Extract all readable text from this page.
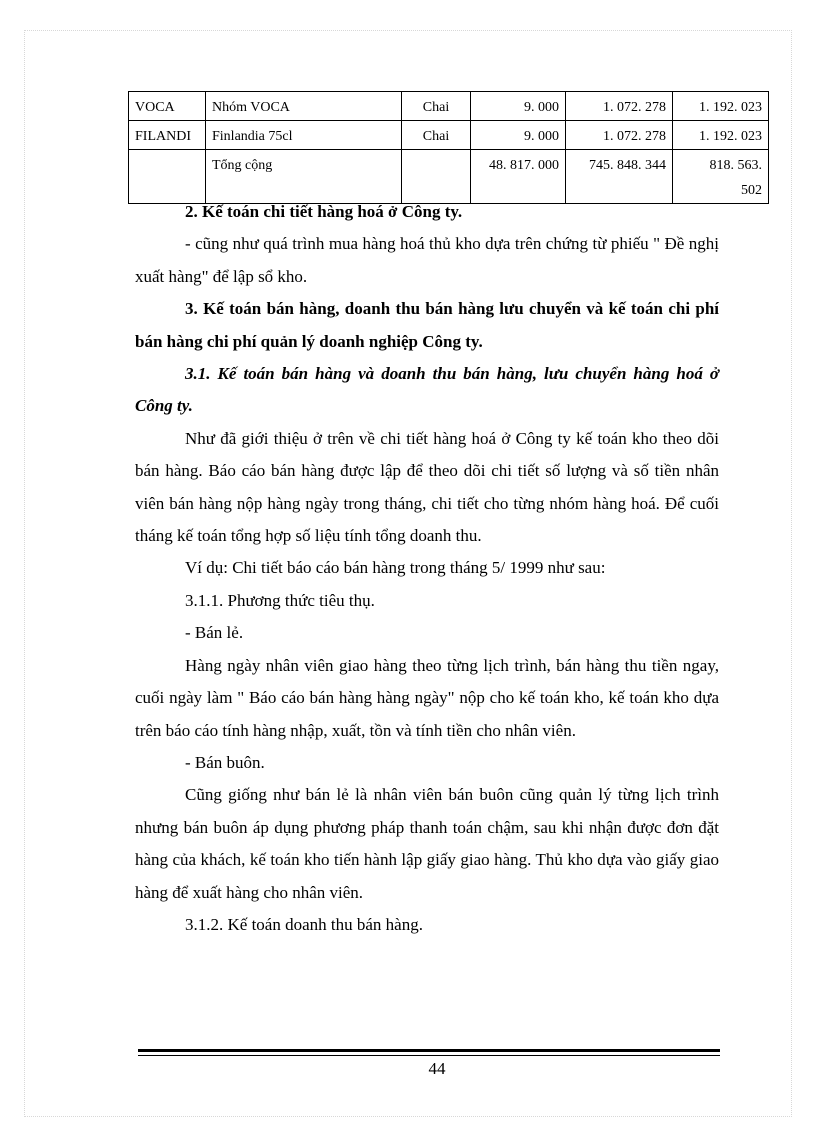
VOCA	Nhóm VOCA	Chai	9. 000	1. 072. 278	1. 192. 023
FILANDI	Finlandia 75cl	Chai	9. 000	1. 072. 278	1. 192. 023
	Tổng cộng		48. 817. 000	745. 848. 344	818. 563.
502

2. Kế toán chi tiết hàng hoá ở Công ty.

- cũng như quá trình mua hàng hoá thủ kho dựa trên chứng từ phiếu " Đề nghị xuất hàng" để lập sổ kho.

3. Kế toán bán hàng, doanh thu bán hàng lưu chuyển và kế toán chi phí bán hàng chi phí quản lý doanh nghiệp Công ty.

3.1. Kế toán bán hàng và doanh thu bán hàng, lưu chuyển hàng hoá ở Công ty.

Như đã giới thiệu ở trên về chi tiết hàng hoá ở Công ty kế toán kho theo dõi bán hàng. Báo cáo bán hàng được lập để theo dõi chi tiết số lượng và số tiền nhân viên bán hàng nộp hàng ngày trong tháng, chi tiết cho từng nhóm hàng hoá. Để cuối tháng kế toán tổng hợp số liệu tính tổng doanh thu.

Ví dụ: Chi tiết báo cáo bán hàng trong tháng 5/ 1999 như sau:

3.1.1. Phương thức tiêu thụ.

- Bán lẻ.

Hàng ngày nhân viên giao hàng theo từng lịch trình, bán hàng thu tiền ngay, cuối ngày làm " Báo cáo bán hàng hàng ngày" nộp cho kế toán kho, kế toán kho dựa trên báo cáo tính hàng nhập, xuất, tồn và tính tiền cho nhân viên.

- Bán buôn.

Cũng giống như bán lẻ là nhân viên bán buôn cũng quản lý từng lịch trình nhưng bán buôn áp dụng phương pháp thanh toán chậm, sau khi nhận được đơn đặt hàng của khách, kế toán kho tiến hành lập giấy giao hàng. Thủ kho dựa vào giấy giao hàng để xuất hàng cho nhân viên.

3.1.2. Kế toán doanh thu bán hàng.

44
